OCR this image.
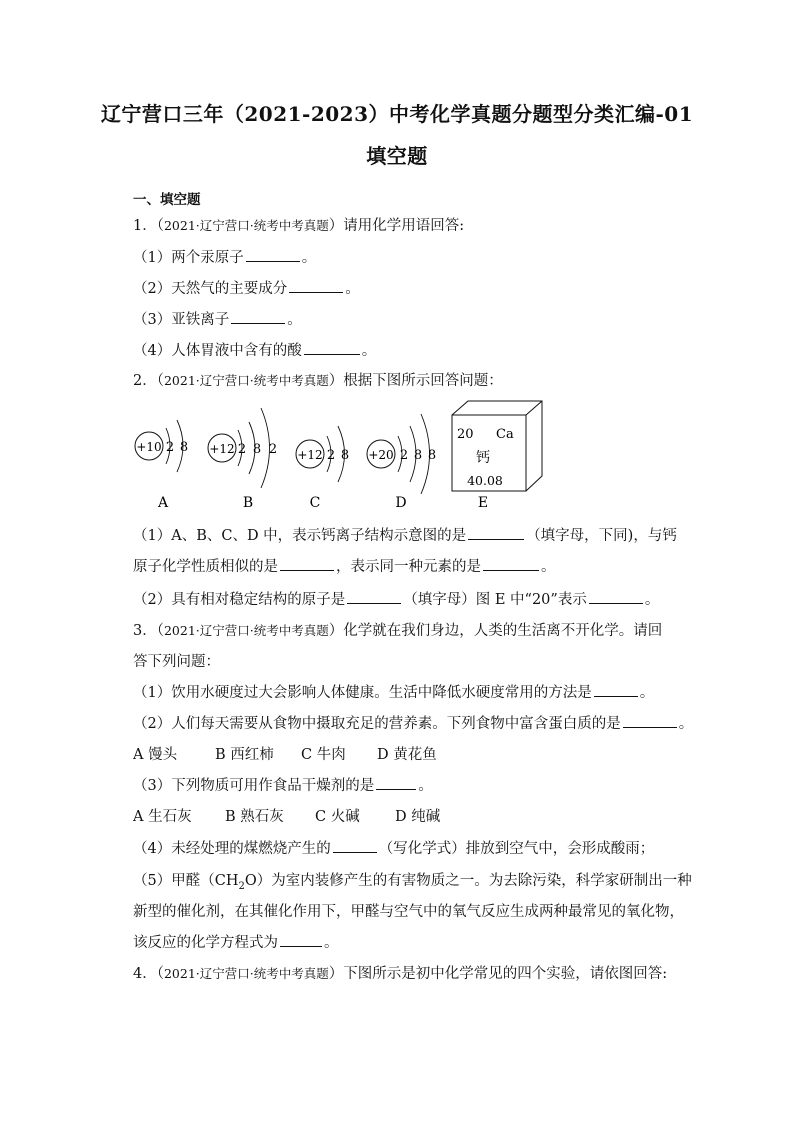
辽宁营口三年（2021-2023）中考化学真题分题型分类汇编-01
填空题
一、填空题
1．（2021·辽宁营口·统考中考真题）请用化学用语回答:
（1）两个汞原子	。
（2）天然气的主要成分	。
（3）亚铁离子	。
（4）人体胃液中含有的酸	。
2．（2021·辽宁营口·统考中考真题）根据下图所示回答问题：
+10 2 8
A
+12 2 8 2
B
+12 2 8
C
+20 2 8 8
D
20 Ca
钙
40.08
E
（1）A、B、C、D 中，表示钙离子结构示意图的是	（填字母，下同)，与钙
原子化学性质相似的是	，表示同一种元素的是	。
（2）具有相对稳定结构的原子是	（填字母）图 E 中“20”表示	。
3．（2021·辽宁营口·统考中考真题）化学就在我们身边，人类的生活离不开化学。请回
答下列问题：
（1）饮用水硬度过大会影响人体健康。生活中降低水硬度常用的方法是	。
（2）人们每天需要从食物中摄取充足的营养素。下列食物中富含蛋白质的是	。
A 馒头	B 西红柿 C 牛肉 D 黄花鱼
（3）下列物质可用作食品干燥剂的是	。
A 生石灰 B 熟石灰 C 火碱 D 纯碱
（4）未经处理的煤燃烧产生的	（写化学式）排放到空气中，会形成酸雨；
（5）甲醛$(CH_2O)$为室内装修产生的有害物质之一。为去除污染，科学家研制出一种
新型的催化剂，在其催化作用下，甲醛与空气中的氧气反应生成两种最常见的氧化物，
该反应的化学方程式为	。
4．（2021·辽宁营口·统考中考真题）下图所示是初中化学常见的四个实验，请依图回答:
